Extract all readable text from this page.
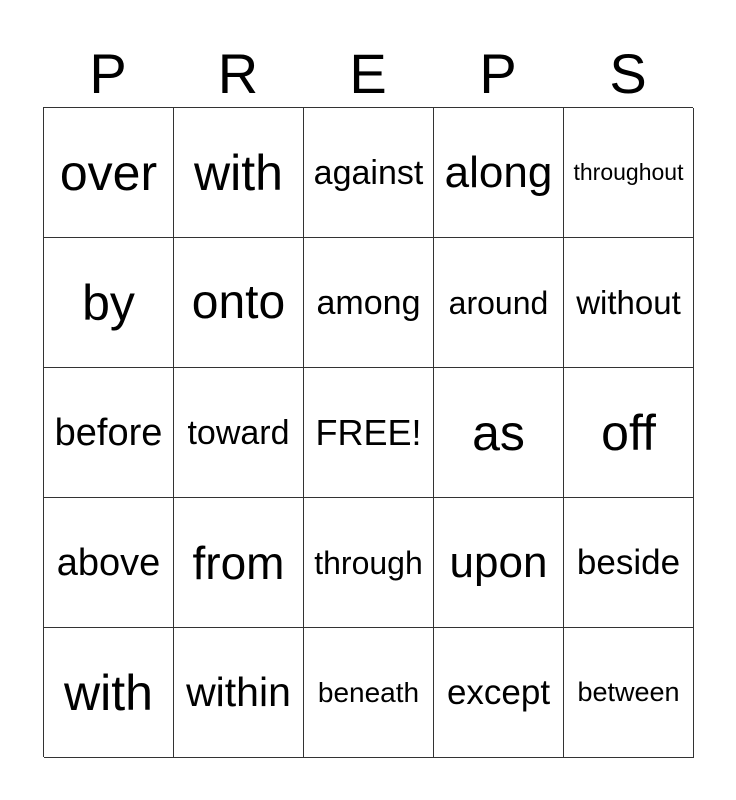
P	R	E	P	S
over with against along throughout
by	onto among around without
before toward FREE!	as	off
above from through upon beside
with within beneath except	between
